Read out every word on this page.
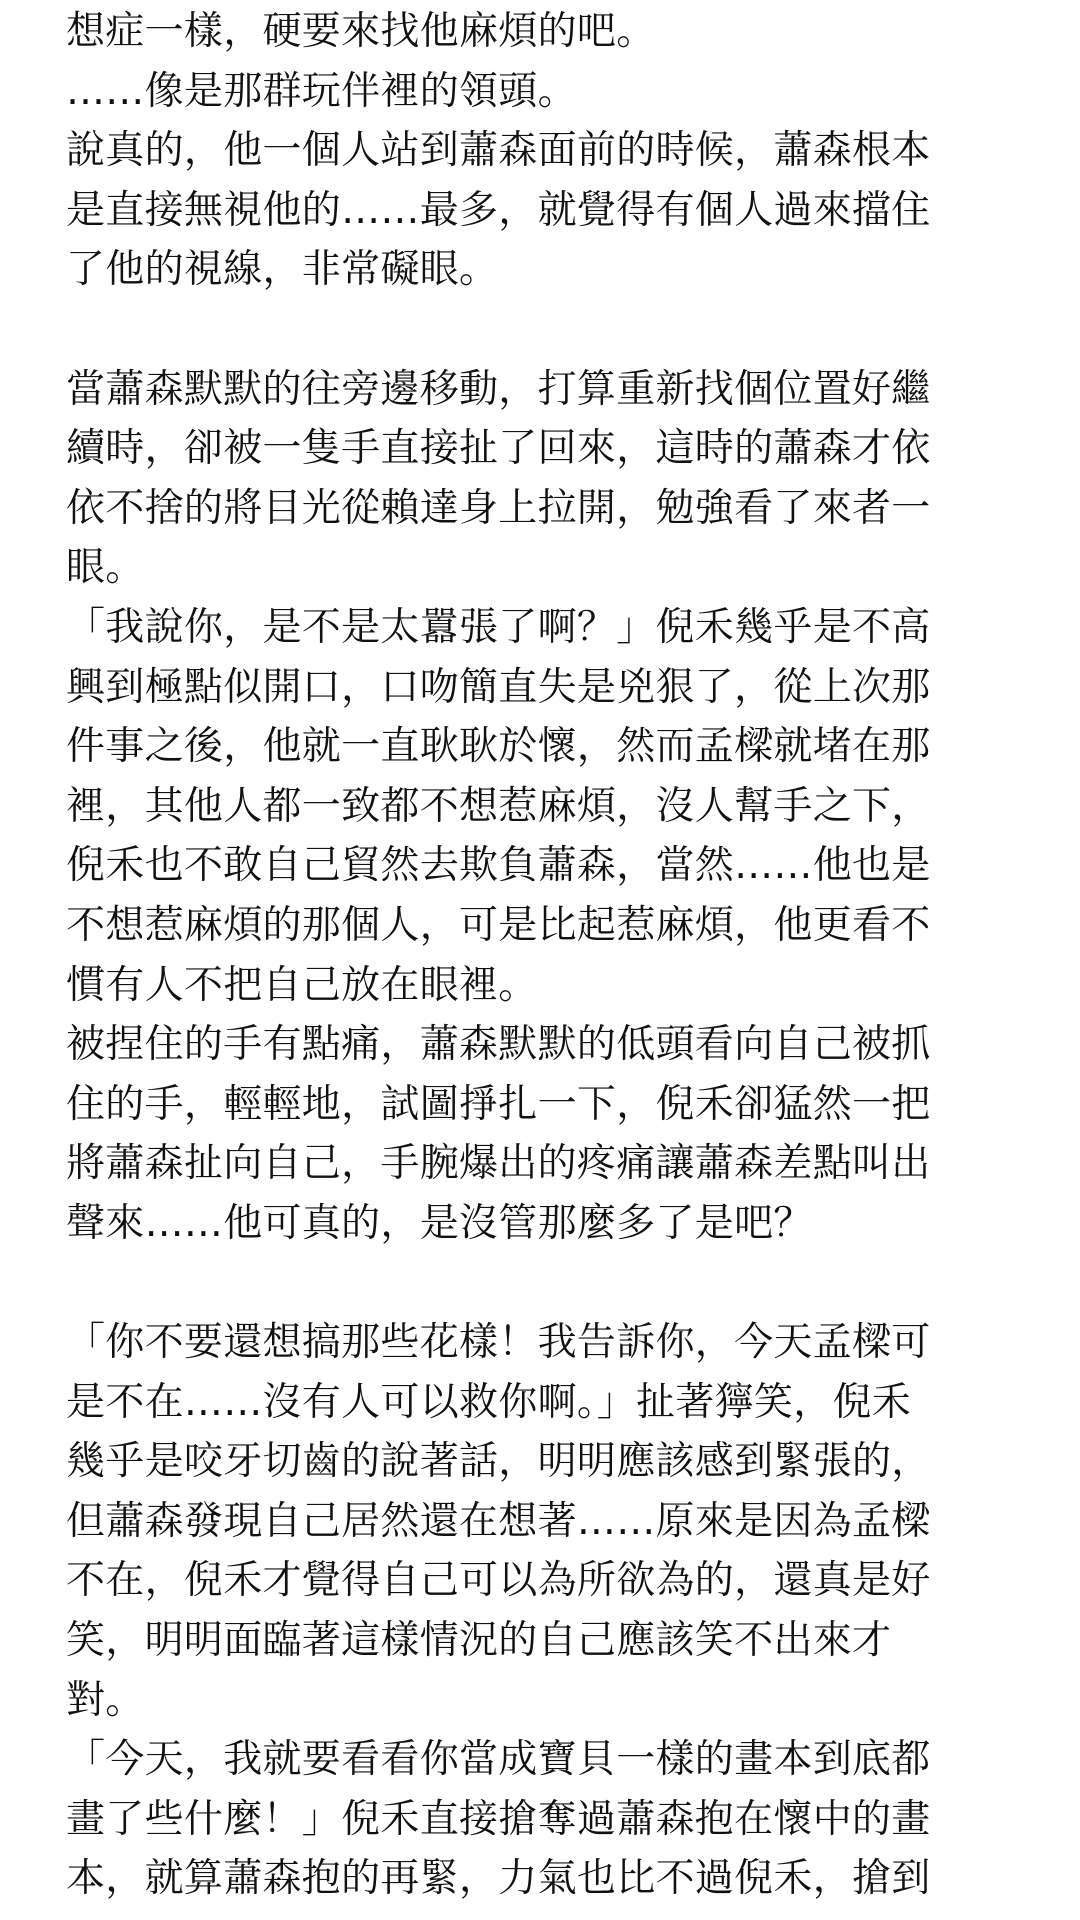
想症一樣，硬要來找他麻煩的吧。
……像是那群玩伴裡的領頭。
說真的，他一個人站到蕭森面前的時候，蕭森根本
是直接無視他的……最多，就覺得有個人過來擋住
了他的視線，非常礙眼。
當蕭森默默的往旁邊移動，打算重新找個位置好繼
續時，卻被一隻手直接扯了回來，這時的蕭森才依
依不捨的將目光從賴達身上拉開，勉強看了來者一
眼。
「我說你，是不是太囂張了啊？」倪禾幾乎是不高
興到極點似開口，口吻簡直失是兇狠了，從上次那
件事之後，他就一直耿耿於懷，然而孟樑就堵在那
裡，其他人都一致都不想惹麻煩，沒人幫手之下，
倪禾也不敢自己貿然去欺負蕭森，當然……他也是
不想惹麻煩的那個人，可是比起惹麻煩，他更看不
慣有人不把自己放在眼裡。
被捏住的手有點痛，蕭森默默的低頭看向自己被抓
住的手，輕輕地，試圖掙扎一下，倪禾卻猛然一把
將蕭森扯向自己，手腕爆出的疼痛讓蕭森差點叫出
聲來……他可真的，是沒管那麼多了是吧？
「你不要還想搞那些花樣！我告訴你，今天孟樑可
是不在……沒有人可以救你啊。」扯著獰笑，倪禾
幾乎是咬牙切齒的說著話，明明應該感到緊張的，
但蕭森發現自己居然還在想著……原來是因為孟樑
不在，倪禾才覺得自己可以為所欲為的，還真是好
笑，明明面臨著這樣情況的自己應該笑不出來才
對。
「今天，我就要看看你當成寶貝一樣的畫本到底都
畫了些什麼！」倪禾直接搶奪過蕭森抱在懷中的畫
本，就算蕭森抱的再緊，力氣也比不過倪禾，搶到
